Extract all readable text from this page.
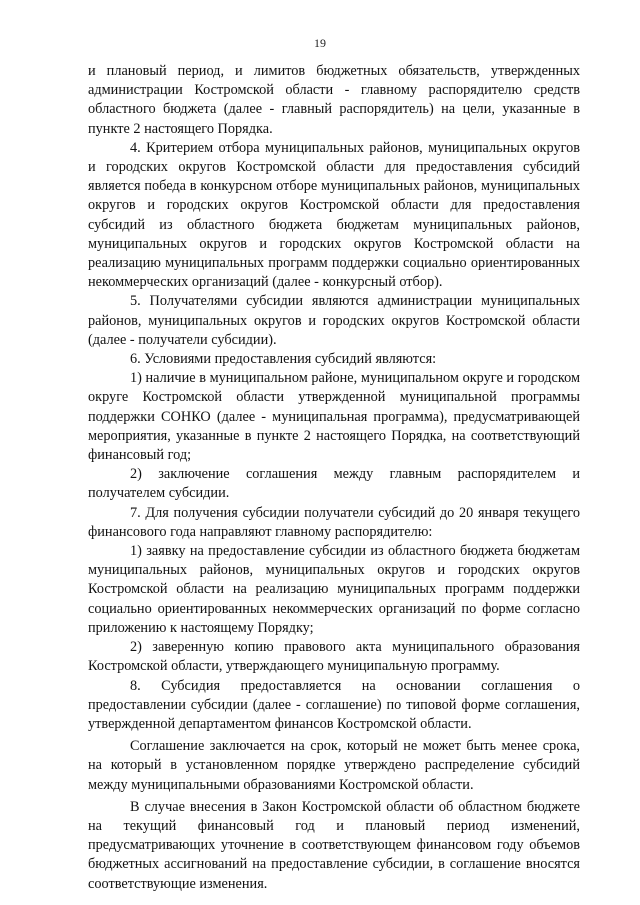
19

и плановый период, и лимитов бюджетных обязательств, утвержденных администрации Костромской области - главному распорядителю средств областного бюджета (далее - главный распорядитель) на цели, указанные в пункте 2 настоящего Порядка.

4. Критерием отбора муниципальных районов, муниципальных округов и городских округов Костромской области для предоставления субсидий является победа в конкурсном отборе муниципальных районов, муниципальных округов и городских округов Костромской области для предоставления субсидий из областного бюджета бюджетам муниципальных районов, муниципальных округов и городских округов Костромской области на реализацию муниципальных программ поддержки социально ориентированных некоммерческих организаций (далее - конкурсный отбор).

5. Получателями субсидии являются администрации муниципальных районов, муниципальных округов и городских округов Костромской области (далее - получатели субсидии).

6. Условиями предоставления субсидий являются:

1) наличие в муниципальном районе, муниципальном округе и городском округе Костромской области утвержденной муниципальной программы поддержки СОНКО (далее - муниципальная программа), предусматривающей мероприятия, указанные в пункте 2 настоящего Порядка, на соответствующий финансовый год;

2) заключение соглашения между главным распорядителем и получателем субсидии.

7. Для получения субсидии получатели субсидий до 20 января текущего финансового года направляют главному распорядителю:

1) заявку на предоставление субсидии из областного бюджета бюджетам муниципальных районов, муниципальных округов и городских округов Костромской области на реализацию муниципальных программ поддержки социально ориентированных некоммерческих организаций по форме согласно приложению к настоящему Порядку;

2) заверенную копию правового акта муниципального образования Костромской области, утверждающего муниципальную программу.

8. Субсидия предоставляется на основании соглашения о предоставлении субсидии (далее - соглашение) по типовой форме соглашения, утвержденной департаментом финансов Костромской области.

Соглашение заключается на срок, который не может быть менее срока, на который в установленном порядке утверждено распределение субсидий между муниципальными образованиями Костромской области.

В случае внесения в Закон Костромской области об областном бюджете на текущий финансовый год и плановый период изменений, предусматривающих уточнение в соответствующем финансовом году объемов бюджетных ассигнований на предоставление субсидии, в соглашение вносятся соответствующие изменения.
